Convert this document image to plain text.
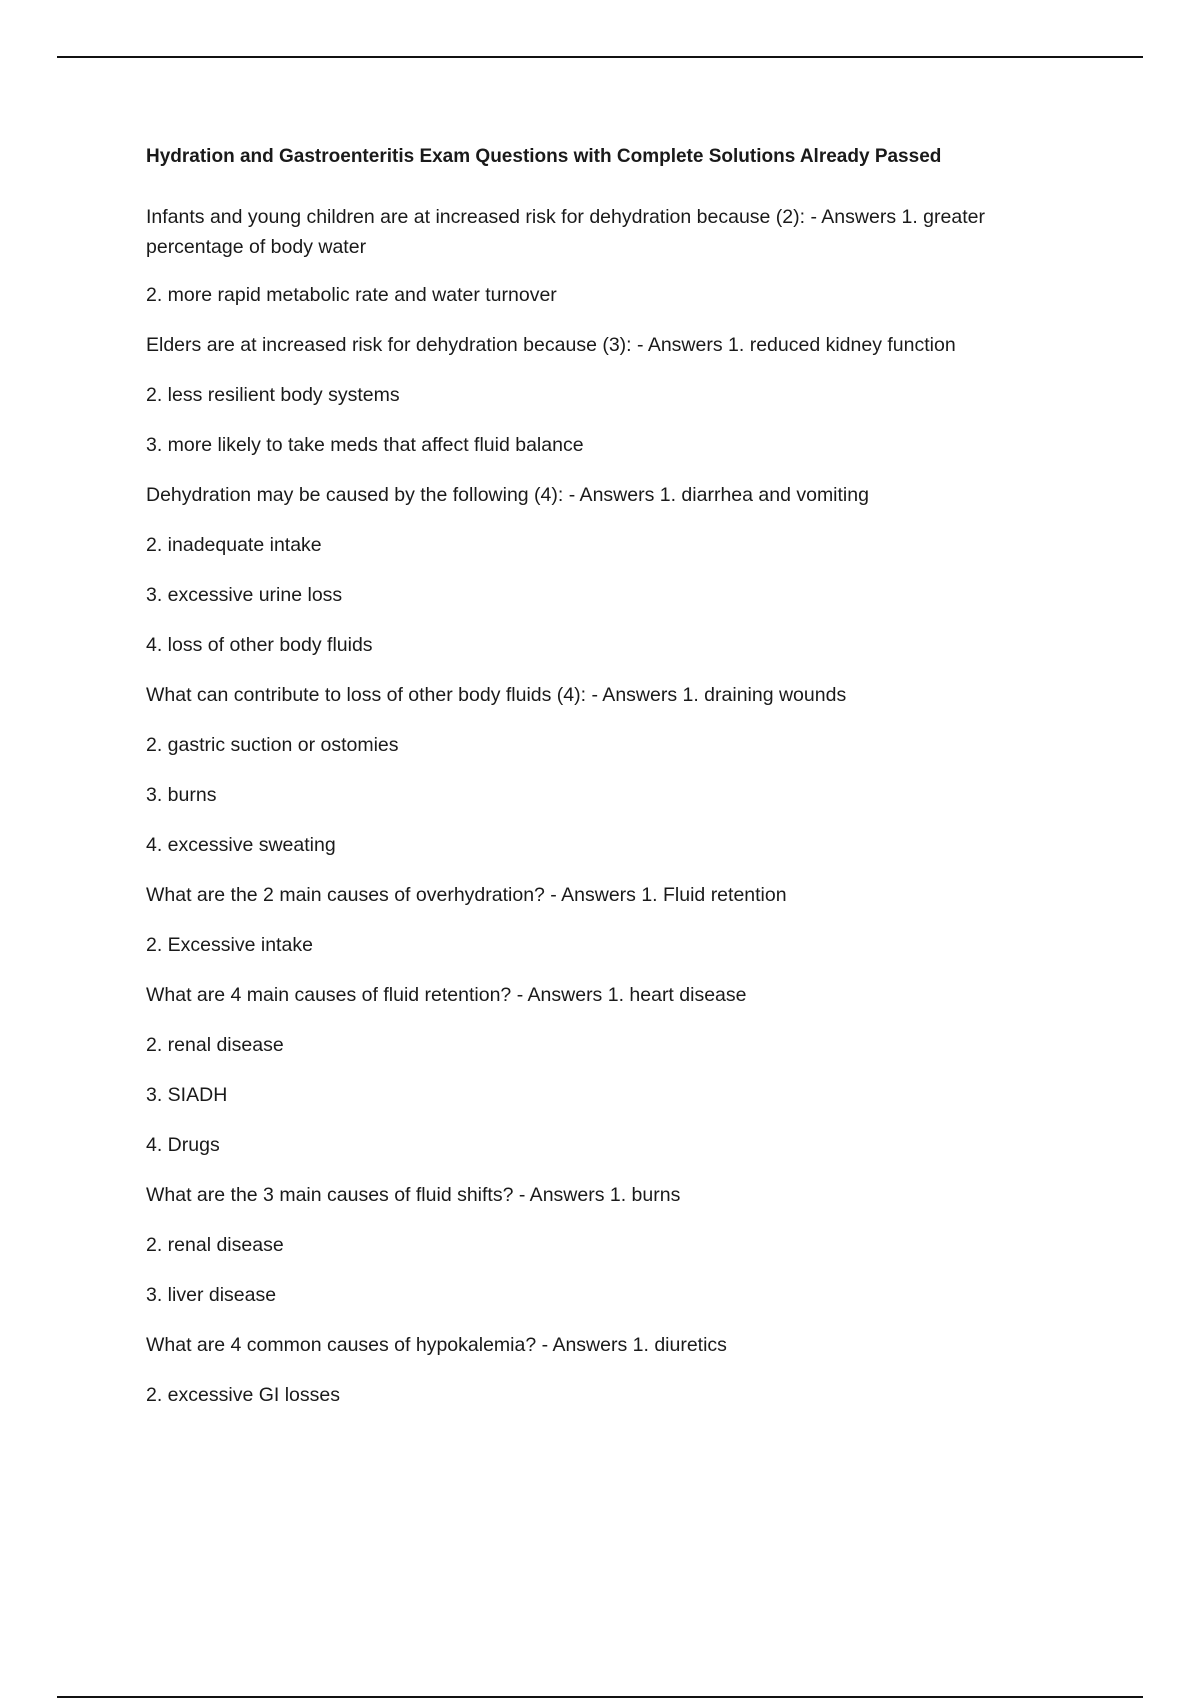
Hydration and Gastroenteritis Exam Questions with Complete Solutions Already Passed

Infants and young children are at increased risk for dehydration because (2): - Answers 1. greater percentage of body water

2. more rapid metabolic rate and water turnover

Elders are at increased risk for dehydration because (3): - Answers 1. reduced kidney function

2. less resilient body systems

3. more likely to take meds that affect fluid balance

Dehydration may be caused by the following (4): - Answers 1. diarrhea and vomiting

2. inadequate intake

3. excessive urine loss

4. loss of other body fluids

What can contribute to loss of other body fluids (4): - Answers 1. draining wounds

2. gastric suction or ostomies

3. burns

4. excessive sweating

What are the 2 main causes of overhydration? - Answers 1. Fluid retention

2. Excessive intake

What are 4 main causes of fluid retention? - Answers 1. heart disease

2. renal disease

3. SIADH

4. Drugs

What are the 3 main causes of fluid shifts? - Answers 1. burns

2. renal disease

3. liver disease

What are 4 common causes of hypokalemia? - Answers 1. diuretics

2. excessive GI losses
